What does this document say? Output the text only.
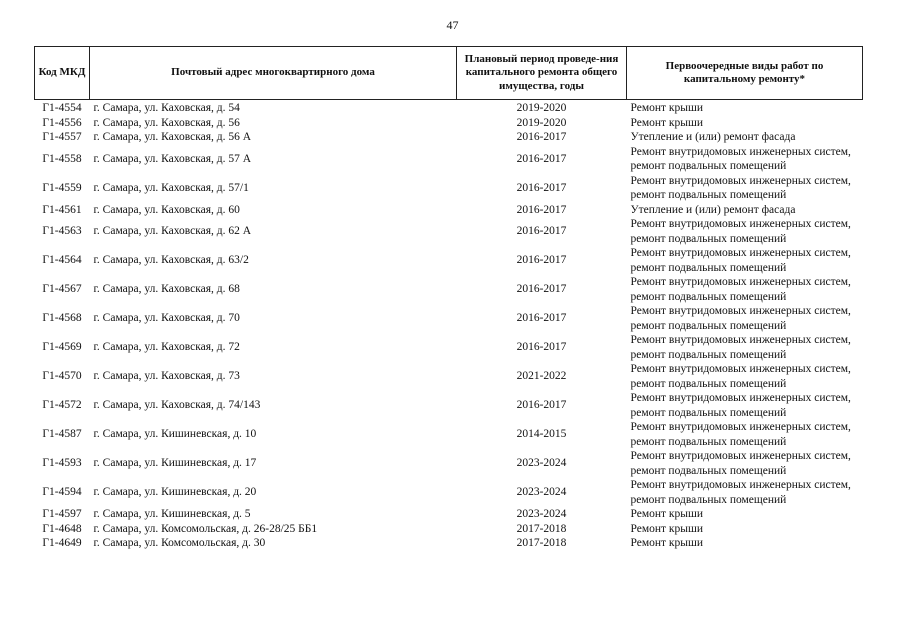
47
Код МКД	Почтовый адрес многоквартирного дома	Плановый период проведе-ния капитального ремонта общего имущества, годы	Первоочередные виды работ по капитальному ремонту*
Г1-4554	г. Самара, ул. Каховская, д. 54	2019-2020	Ремонт крыши

Г1-4556	г. Самара, ул. Каховская, д. 56	2019-2020	Ремонт крыши

Г1-4557	г. Самара, ул. Каховская, д. 56 А	2016-2017	Утепление и (или) ремонт фасада

Г1-4558	г. Самара, ул. Каховская, д. 57 А	2016-2017	Ремонт внутридомовых инженерных систем,
ремонт подвальных помещений

Г1-4559	г. Самара, ул. Каховская, д. 57/1	2016-2017	Ремонт внутридомовых инженерных систем,
ремонт подвальных помещений

Г1-4561	г. Самара, ул. Каховская, д. 60	2016-2017	Утепление и (или) ремонт фасада

Г1-4563	г. Самара, ул. Каховская, д. 62 А	2016-2017	Ремонт внутридомовых инженерных систем,
ремонт подвальных помещений

Г1-4564	г. Самара, ул. Каховская, д. 63/2	2016-2017	Ремонт внутридомовых инженерных систем,
ремонт подвальных помещений

Г1-4567	г. Самара, ул. Каховская, д. 68	2016-2017	Ремонт внутридомовых инженерных систем,
ремонт подвальных помещений

Г1-4568	г. Самара, ул. Каховская, д. 70	2016-2017	Ремонт внутридомовых инженерных систем,
ремонт подвальных помещений

Г1-4569	г. Самара, ул. Каховская, д. 72	2016-2017	Ремонт внутридомовых инженерных систем,
ремонт подвальных помещений

Г1-4570	г. Самара, ул. Каховская, д. 73	2021-2022	Ремонт внутридомовых инженерных систем,
ремонт подвальных помещений

Г1-4572	г. Самара, ул. Каховская, д. 74/143	2016-2017	Ремонт внутридомовых инженерных систем,
ремонт подвальных помещений

Г1-4587	г. Самара, ул. Кишиневская, д. 10	2014-2015	Ремонт внутридомовых инженерных систем,
ремонт подвальных помещений

Г1-4593	г. Самара, ул. Кишиневская, д. 17	2023-2024	Ремонт внутридомовых инженерных систем,
ремонт подвальных помещений

Г1-4594	г. Самара, ул. Кишиневская, д. 20	2023-2024	Ремонт внутридомовых инженерных систем,
ремонт подвальных помещений

Г1-4597	г. Самара, ул. Кишиневская, д. 5	2023-2024	Ремонт крыши

Г1-4648	г. Самара, ул. Комсомольская, д. 26-28/25 ББ1	2017-2018	Ремонт крыши

Г1-4649	г. Самара, ул. Комсомольская, д. 30	2017-2018	Ремонт крыши
